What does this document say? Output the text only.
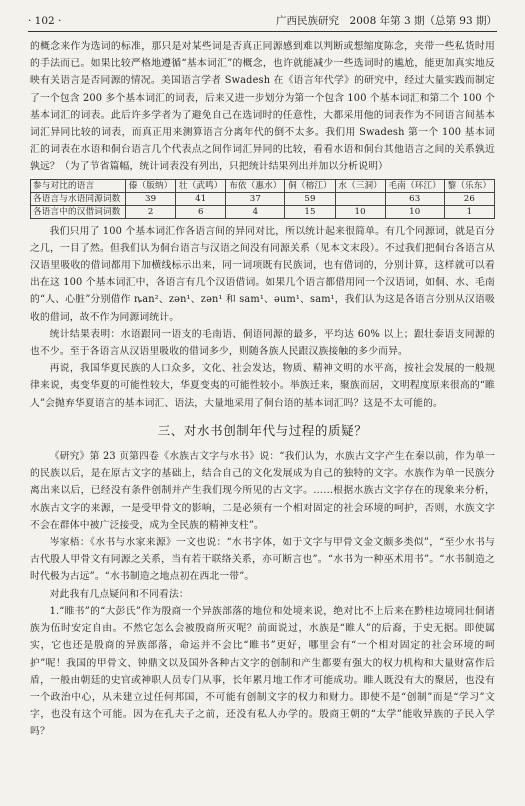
· 102 ·	广西民族研究　2008 年第 3 期（总第 93 期）

的概念来作为选词的标准，那只是对某些词是否真正同源感到难以判断或想缩度陈念，夹带一些私货时用的手法而已。如果比较严格地遵循“基本词汇”的概念，也许就能减少一些选词时的尴尬，能更加真实地反映有关语言是否同源的情况。美国语言学者 Swadesh 在《语言年代学》的研究中，经过大量实践而制定了一个包含 200 多个基本词汇的词表，后来又进一步划分为第一个包含 100 个基本词汇和第二个 100 个基本词汇的词表。此后许多学者为了避免自己在选词时的任意性，大都采用他的词表作为不同语言间基本词汇异同比较的词表，而真正用来测算语言分离年代的倒不太多。我们用 Swadesh 第一个 100 基本词汇的词表在水语和侗台语言几个代表点之间作词汇异同的比较，看看水语和侗台其他语言之间的关系孰近孰远？（为了节省篇幅，统计词表没有列出，只把统计结果列出并加以分析说明）

参与对比的语言	傣（版纳）	壮（武鸣）	布依（惠水）	侗（榕江）	水（三洞）	毛南（环江）	黎（乐东）
各语言与水语同源词数	39	41	37	59		63	26
各语言中的汉借词词数	2	6	4	15	10	10	1

我们只用了 100 个基本词汇作各语言间的异同对比，所以统计起来很简单。有几个同源词，就是百分之几，一目了然。但我们认为侗台语言与汉语之间没有同源关系（见本文末段）。不过我们把侗台各语言从汉语里吸收的借词都用下加横线标示出来，同一词项既有民族词，也有借词的，分别计算，这样就可以看出在这 100 个基本词汇中，各语言有几个汉语借词。如果几个语言都借用同一个汉语词，如侗、水、毛南的“人、心脏”分别借作 ȵan²、zən¹、zən¹ 和 sam¹、əum¹、sam¹，我们认为这是各语言分别从汉语吸收的借词，故不作为同源词统计。

统计结果表明：水语跟同一语支的毛南语、侗语同源的最多，平均达 60% 以上；跟壮泰语支同源的也不少。至于各语言从汉语里吸收的借词多少，则随各族人民跟汉族接触的多少而异。

再说，我国华夏民族的人口众多，文化、社会发达，物质、精神文明的水平高，按社会发展的一般规律来说，夷变华夏的可能性较大，华夏变夷的可能性较小。举族迁来，聚族而居，文明程度原来很高的“睢人”会抛弃华夏语言的基本词汇、语法，大量地采用了侗台语的基本词汇吗？这是不太可能的。

三、对水书创制年代与过程的质疑？

《研究》第 23 页第四卷《水族古文字与水书》说：“我们认为，水族古文字产生在秦以前，作为单一的民族以后，是在原古文字的基础上，结合自己的文化发展成为自己的独特的文字。水族作为单一民族分离出来以后，已经没有条件创制并产生我们现今所见的古文字。……根据水族古文字存在的现象来分析，水族古文字的来源，一是受甲骨文的影响，二是必须有一个相对固定的社会环境的呵护，否则，水族文字不会在群体中被广泛接受，成为全民族的精神支柱”。

岑家梧：《水书与水家来源》一文也说：“水书字体，如于文字与甲骨文金文颇多类似”，“至少水书与古代殷人甲骨文有同源之关系，当有若干联络关系，亦可断言也”。“水书为一种巫术用书”。“水书制造之时代极为古远”。“水书制造之地点初在西北一带”。

对此我有几点疑问和不同看法：

1.“睢书”的“大彭氏”作为殷商一个异族部落的地位和处境来说，绝对比不上后来在黔桂边境同壮侗诸族为伍时安定自由。不然它怎么会被殷商所灭呢？前面说过，水族是“睢人”的后裔，于史无据。即使属实，它也还是殷商的异族部落，命运并不会比“睢书”更好，哪里会有“一个相对固定的社会环境的呵护”呢！我国的甲骨文、钟鼎文以及国外各种古文字的创制和产生都要有强大的权力机构和大量财富作后盾，一般由朝廷的史官或神职人员专门从事，长年累月地工作才可能成功。睢人既没有大的聚居，也没有一个政治中心，从未建立过任何邦国，不可能有创制文字的权力和财力。即使不是“创制”而是“学习”文字，也没有这个可能。因为在孔夫子之前，还没有私人办学的。殷商王朝的“太学”能收异族的子民入学吗？
